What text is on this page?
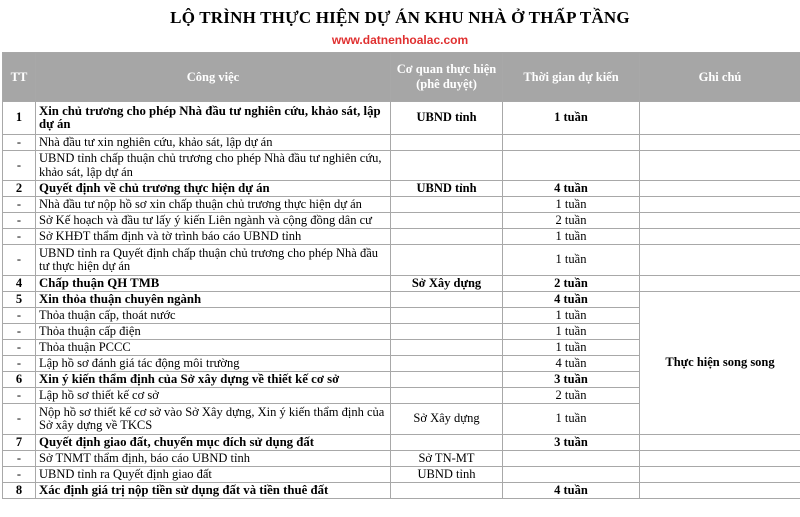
LỘ TRÌNH THỰC HIỆN DỰ ÁN KHU NHÀ Ở THẤP TẦNG
www.datnenhoalac.com
TT	Công việc	Cơ quan thực hiện (phê duyệt)	Thời gian dự kiến	Ghi chú
1	Xin chủ trương cho phép Nhà đầu tư nghiên cứu, khảo sát, lập dự án	UBND tỉnh	1 tuần	
-	Nhà đầu tư xin nghiên cứu, khảo sát, lập dự án			
-	UBND tỉnh chấp thuận chủ trương cho phép Nhà đầu tư nghiên cứu, khảo sát, lập dự án			
2	Quyết định về chủ trương thực hiện dự án	UBND tỉnh	4 tuần	
-	Nhà đầu tư nộp hồ sơ xin chấp thuận chủ trương thực hiện dự án		1 tuần	
-	Sở Kế hoạch và đầu tư lấy ý kiến Liên ngành và cộng đồng dân cư		2 tuần	
-	Sở KHĐT thẩm định và tờ trình báo cáo UBND tỉnh		1 tuần	
-	UBND tỉnh ra Quyết định chấp thuận chủ trương cho phép Nhà đầu tư thực hiện dự án		1 tuần	
4	Chấp thuận QH TMB	Sở Xây dựng	2 tuần	
5	Xin thỏa thuận chuyên ngành		4 tuần	Thực hiện song song
-	Thỏa thuận cấp, thoát nước		1 tuần	
-	Thỏa thuận cấp điện		1 tuần	
-	Thỏa thuận PCCC		1 tuần	
-	Lập hồ sơ đánh giá tác động môi trường		4 tuần	
6	Xin ý kiến thẩm định của Sở xây dựng về thiết kế cơ sở		3 tuần	
-	Lập hồ sơ thiết kế cơ sở		2 tuần	
-	Nộp hồ sơ thiết kế cơ sở vào Sở Xây dựng, Xin ý kiến thẩm định của Sở xây dựng về TKCS	Sở Xây dựng	1 tuần	
7	Quyết định giao đất, chuyển mục đích sử dụng đất		3 tuần	
-	Sở TNMT thẩm định, báo cáo UBND tỉnh	Sở TN-MT		
-	UBND tỉnh ra Quyết định giao đất	UBND tỉnh		
8	Xác định giá trị nộp tiền sử dụng đất và tiền thuê đất		4 tuần	
